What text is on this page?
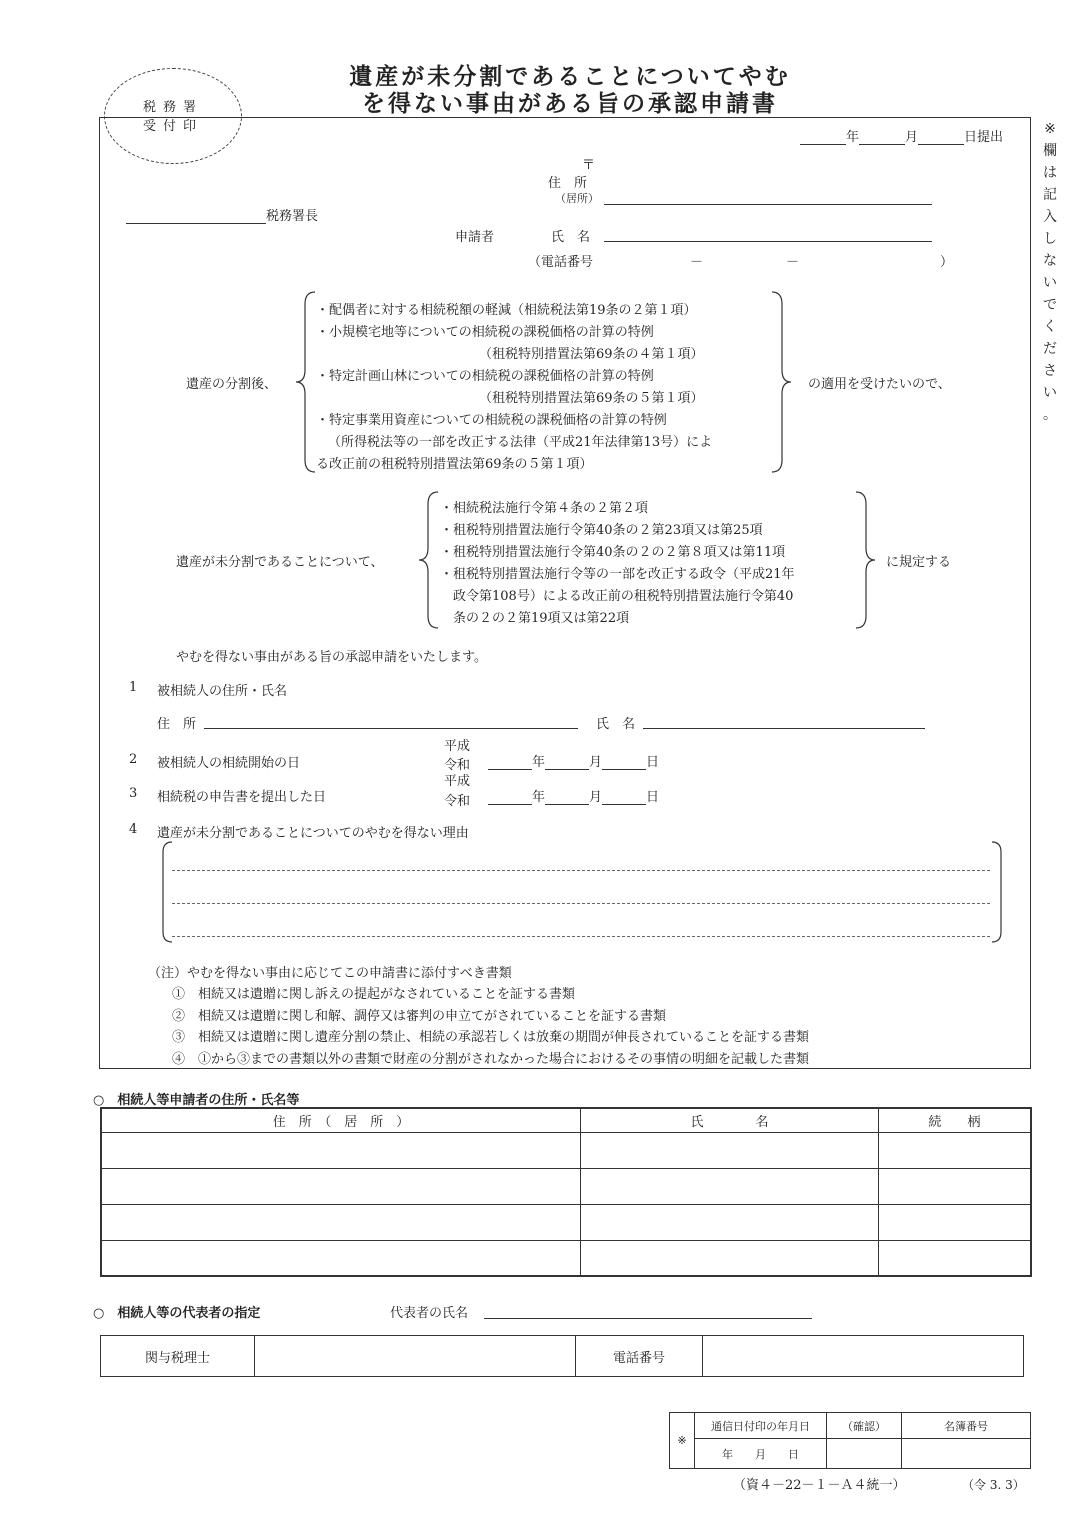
遺産が未分割であることについてやむ
を得ない事由がある旨の承認申請書
税務署
受付印	※
欄
は
記
入
し
な
い
で
く
だ
さ
い
。
年	月	日提出
〒
住　所
（居所）
税務署長
申請者	氏　名
（電話番号	－	－	）
遺産の分割後、
・配偶者に対する相続税額の軽減（相続税法第19条の２第１項）
・小規模宅地等についての相続税の課税価格の計算の特例
（租税特別措置法第69条の４第１項）
・特定計画山林についての相続税の課税価格の計算の特例
（租税特別措置法第69条の５第１項）
・特定事業用資産についての相続税の課税価格の計算の特例
（所得税法等の一部を改正する法律（平成21年法律第13号）によ
る改正前の租税特別措置法第69条の５第１項）
の適用を受けたいので、
遺産が未分割であることについて、
・相続税法施行令第４条の２第２項
・租税特別措置法施行令第40条の２第23項又は第25項
・租税特別措置法施行令第40条の２の２第８項又は第11項
・租税特別措置法施行令等の一部を改正する政令（平成21年
政令第108号）による改正前の租税特別措置法施行令第40
条の２の２第19項又は第22項
に規定する
やむを得ない事由がある旨の承認申請をいたします。
1 被相続人の住所・氏名
住　所	氏　名
2 被相続人の相続開始の日
平成
令和	年	月	日
3 相続税の申告書を提出した日
平成
令和	年	月	日
4 遺産が未分割であることについてのやむを得ない理由
（注）やむを得ない事由に応じてこの申請書に添付すべき書類
①　 相続又は遺贈に関し訴えの提起がなされていることを証する書類
②　 相続又は遺贈に関し和解、調停又は審判の申立てがされていることを証する書類
③　 相続又は遺贈に関し遺産分割の禁止、相続の承認若しくは放棄の期間が伸長されていることを証する書類
④　 ①から③までの書類以外の書類で財産の分割がされなかった場合におけるその事情の明細を記載した書類
○　 相続人等申請者の住所・氏名等
住　所　（　居　所　）	氏　　　　名	続　　柄

○　 相続人等の代表者の指定	代表者の氏名
関与税理士		電話番号	
※	通信日付印の年月日	（確認）	名簿番号
	年　　月　　日		
（資４－22－１－Ａ４統一）	（令 3. 3）
